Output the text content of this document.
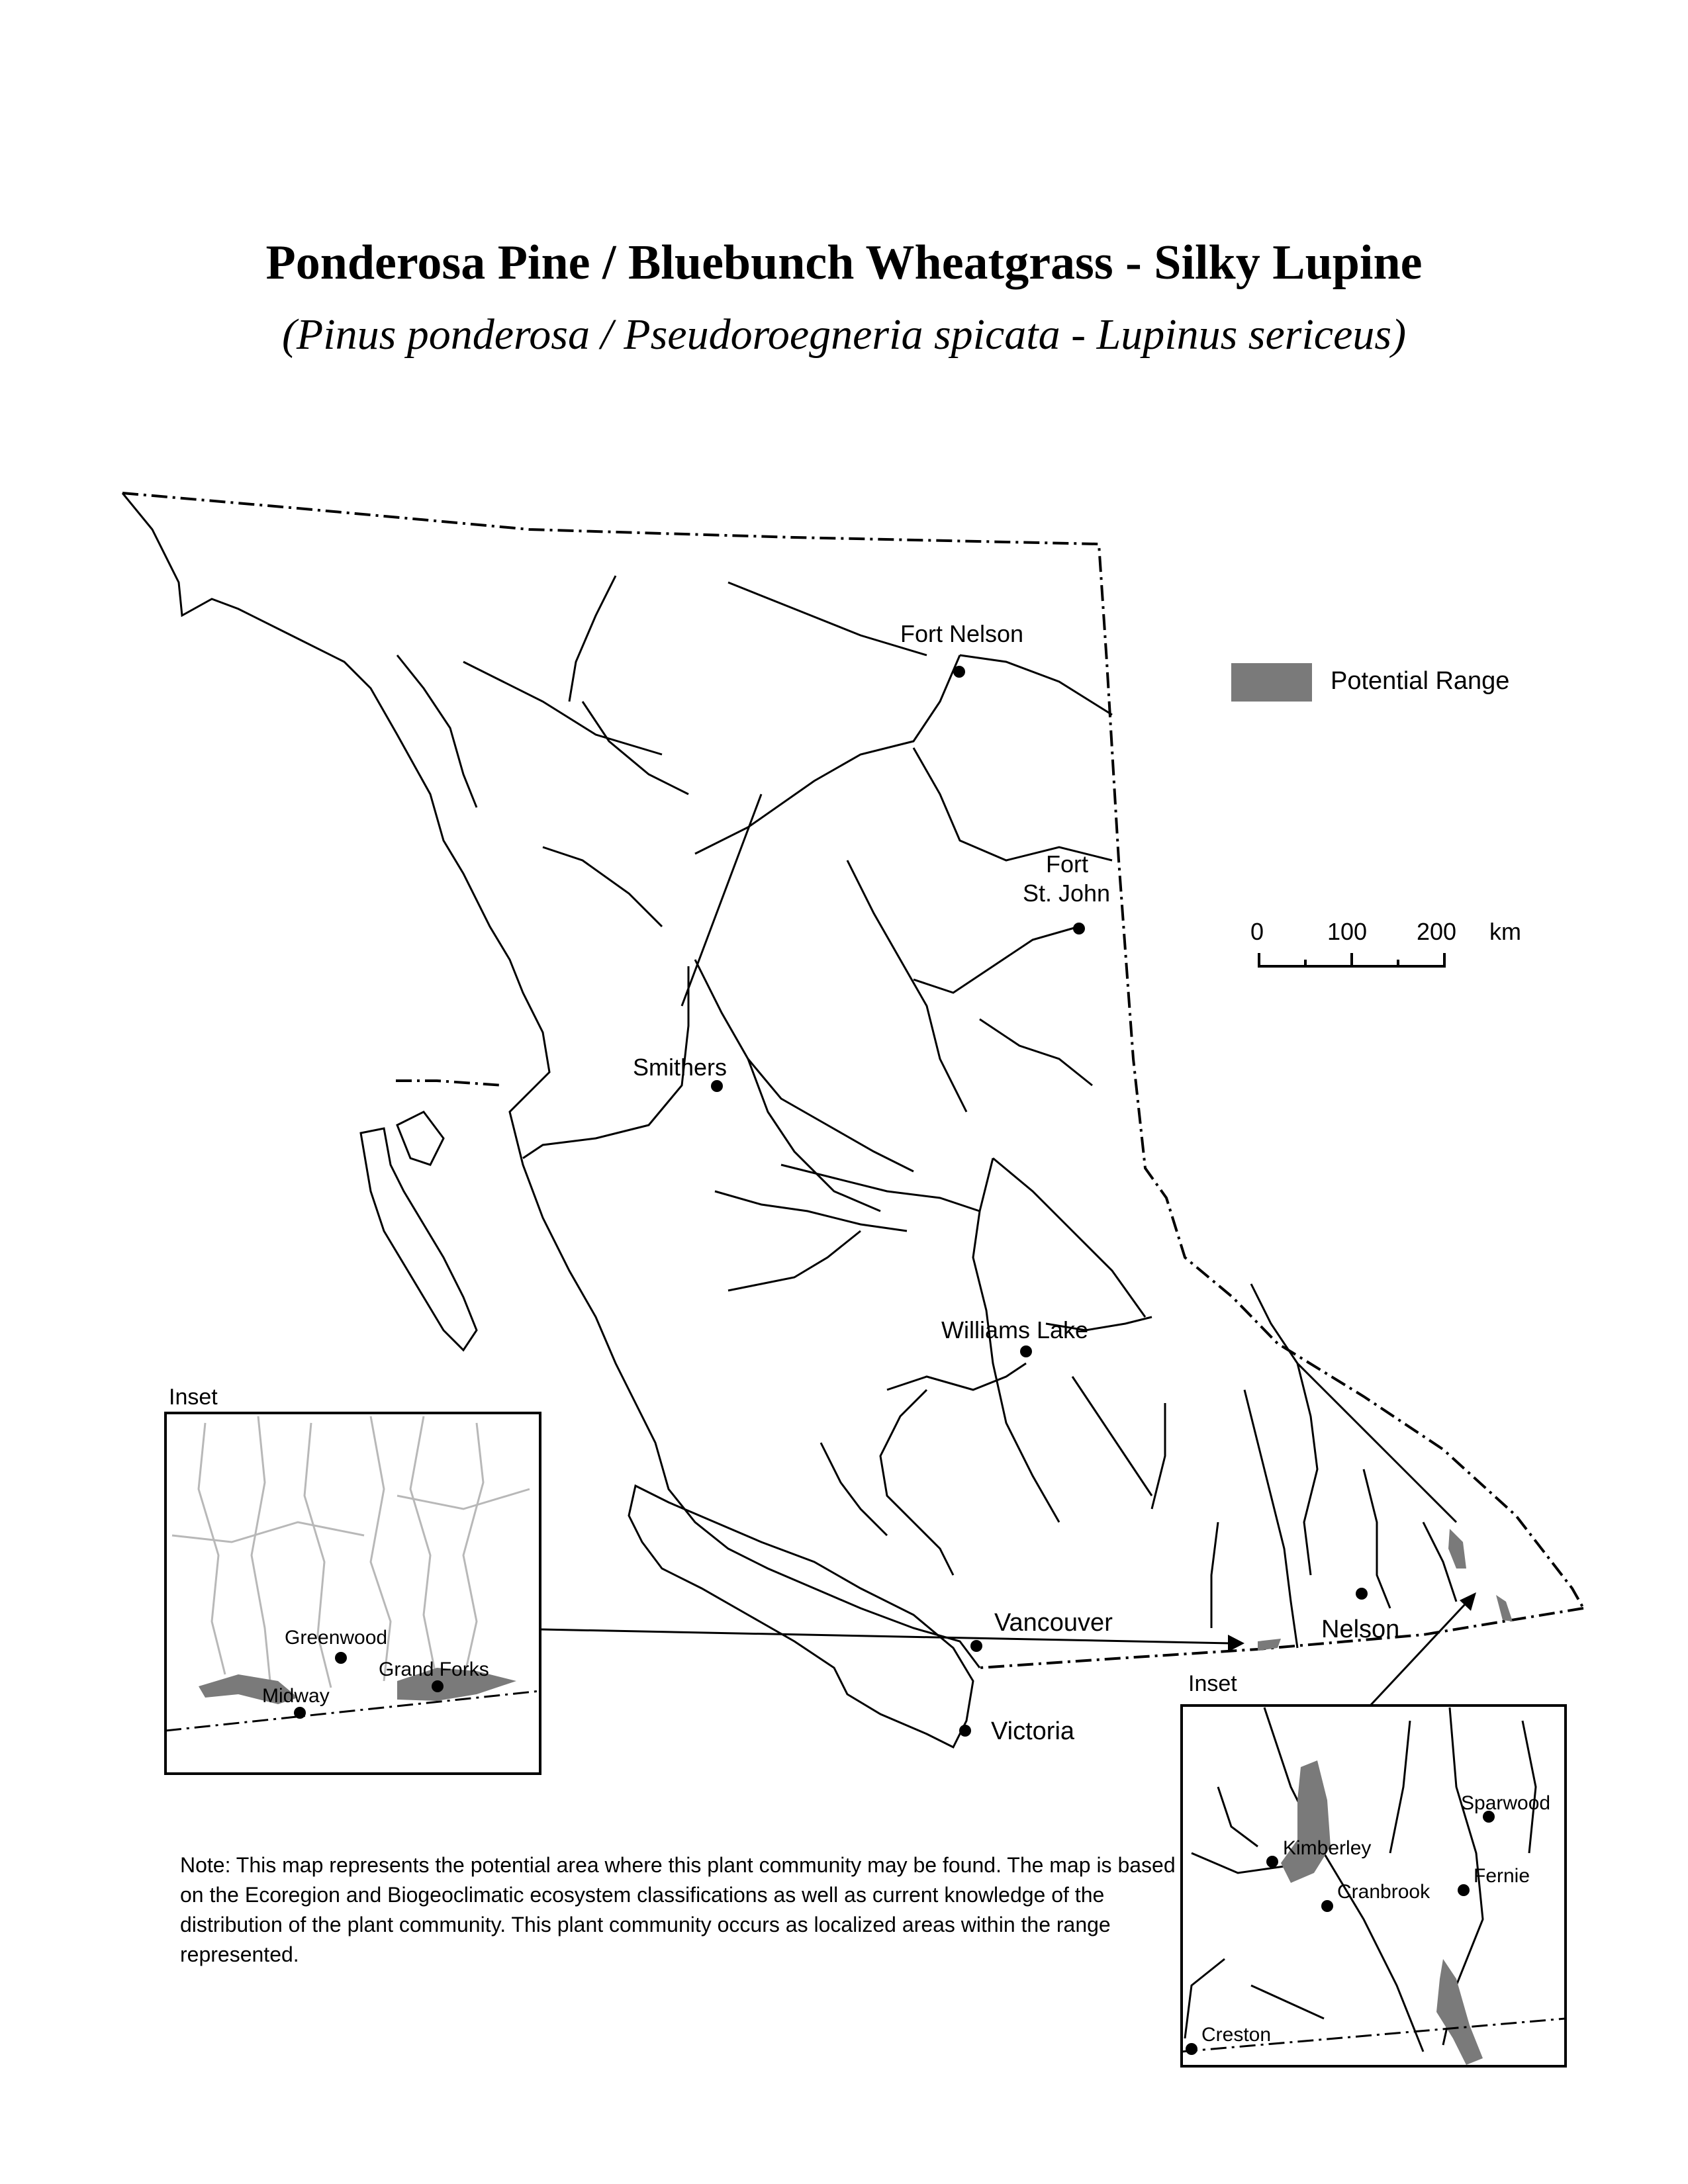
Ponderosa Pine / Bluebunch Wheatgrass - Silky Lupine
(Pinus ponderosa / Pseudoroegneria spicata - Lupinus sericeus)
Fort Nelson
Fort
St. John
Smithers
Williams Lake
Vancouver
Victoria
Nelson
0	100 200 km
Inset
Greenwood
Grand Forks
Midway	Inset
Sparwood
Kimberley
Fernie
Cranbrook
Creston
Potential Range
Note: This map represents the potential area where this plant community may be found. The map is based on the Ecoregion and Biogeoclimatic ecosystem classifications as well as current knowledge of the distribution of the plant community. This plant community occurs as localized areas within the range represented.
